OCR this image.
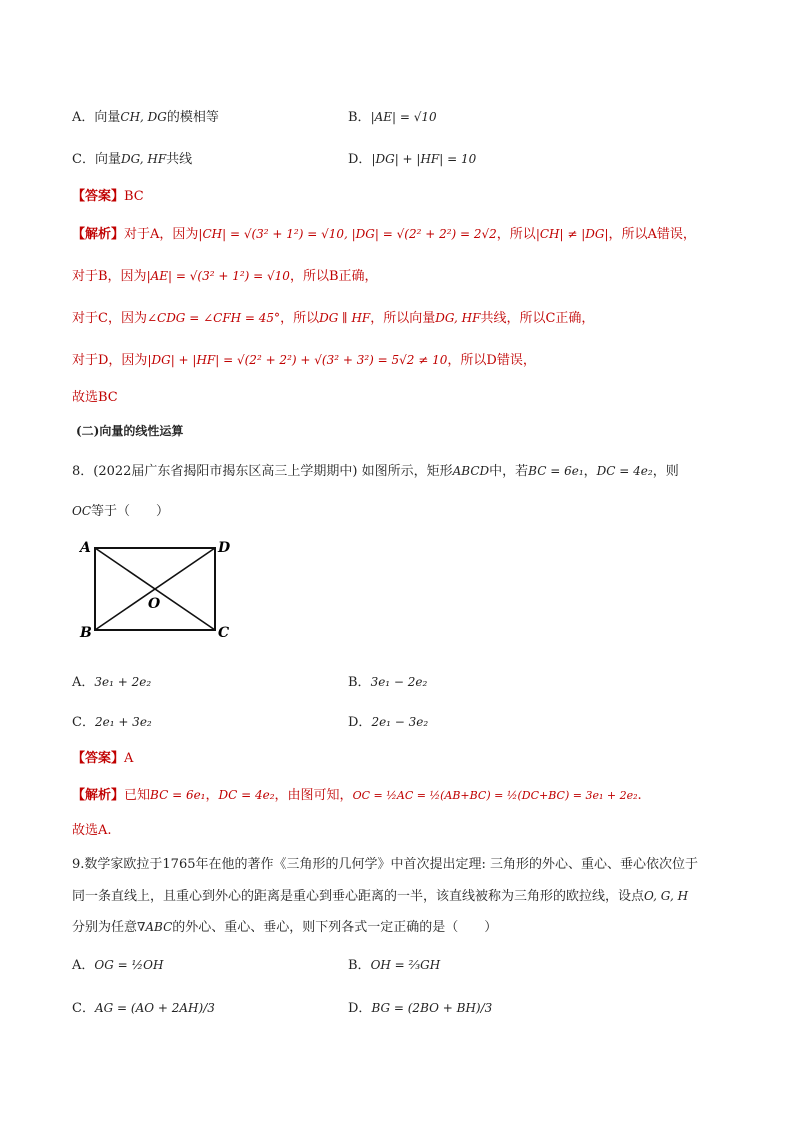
A．向量CH, DG的模相等	B．|AE| = √10
C．向量DG, HF共线	D．|DG| + |HF| = 10
【答案】BC
【解析】对于A，因为|CH| = √(3² + 1²) = √10, |DG| = √(2² + 2²) = 2√2，所以|CH| ≠ |DG|，所以A错误，
对于B，因为|AE| = √(3² + 1²) = √10，所以B正确，
对于C，因为∠CDG = ∠CFH = 45°，所以DG ∥ HF，所以向量DG, HF共线，所以C正确，
对于D，因为|DG| + |HF| = √(2² + 2²) + √(3² + 3²) = 5√2 ≠ 10，所以D错误，
故选BC
(二)向量的线性运算
8．(2022届广东省揭阳市揭东区高三上学期期中) 如图所示，矩形ABCD中，若BC = 6e₁，DC = 4e₂，则
OC等于（　　）
A	D
O
B	C
A．3e₁ + 2e₂	B．3e₁ − 2e₂
C．2e₁ + 3e₂	D．2e₁ − 3e₂
【答案】A
【解析】已知BC = 6e₁，DC = 4e₂，由图可知，OC = ½AC = ½(AB+BC) = ½(DC+BC) = 3e₁ + 2e₂.
故选A.
9.数学家欧拉于1765年在他的著作《三角形的几何学》中首次提出定理: 三角形的外心、重心、垂心依次位于
同一条直线上，且重心到外心的距离是重心到垂心距离的一半，该直线被称为三角形的欧拉线，设点O, G, H
分别为任意∇ABC的外心、重心、垂心，则下列各式一定正确的是（　　）
A．OG = ½OH	B．OH = ⅔GH
C．AG = (AO + 2AH)/3	D．BG = (2BO + BH)/3
